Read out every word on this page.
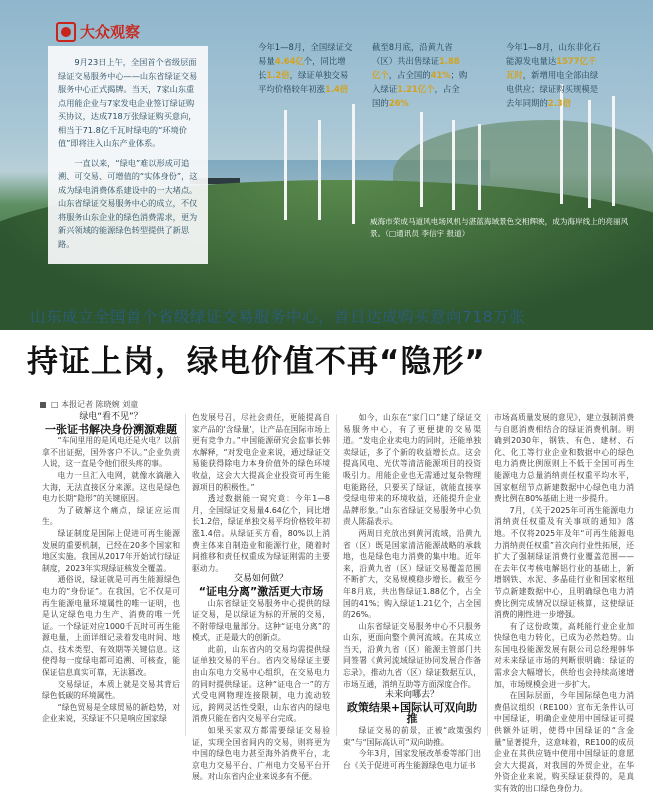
大众观察

9月23日上午，全国首个省级层面绿证交易服务中心——山东省绿证交易服务中心正式揭牌。当天，7家山东重点用能企业与7家发电企业签订绿证购买协议，达成718万张绿证购买意向，相当于71.8亿千瓦时绿电的“环境价值”即将注入山东产业体系。

一直以来，“绿电”难以形成可追溯、可交易、可增值的“实体身份”，这成为绿电消费体系建设中的一大堵点。山东省绿证交易服务中心的成立，不仅将服务山东企业的绿色消费需求，更为新兴领域的能源绿色转型提供了新思路。

今年1—8月，全国绿证交易量4.64亿个，同比增长1.2倍，绿证单独交易平均价格较年初涨1.4倍
截至8月底，沿黄九省（区）共出售绿证1.88亿个，占全国的41%；购入绿证1.21亿个，占全国的26%
今年1—8月，山东非化石能源发电量达1577亿千瓦时，新增用电全部由绿电供应；绿证购买规模是去年同期的2.3倍
威海市荣成马道风电场风机与湛蓝海域景色交相辉映，成为海岸线上的亮丽风景。（□通讯员 李信宇 报道）
山东成立全国首个省级绿证交易服务中心，首日达成购买意向718万张
持证上岗，绿电价值不再“隐形”
□ 本报记者 陈晓婉 刘童

绿电“看不见”？

一张证书解决身份溯源难题

“车间里用的是风电还是火电？以前拿不出证据，国外客户不认。”企业负责人说，这一直是令他们很头疼的事。

电力一旦汇入电网，就像水滴融入大海，无法直接区分来源。这也是绿色电力长期“隐形”的关键原因。

为了破解这个痛点，绿证应运而生。

绿证制度是国际上促进可再生能源发展的重要机制，已经在20多个国家和地区实施。我国从2017年开始试行绿证制度，2023年实现绿证核发全覆盖。

通俗说，绿证就是可再生能源绿色电力的“身份证”。在我国，它不仅是可再生能源电量环境属性的唯一证明，也是认定绿色电力生产、消费的唯一凭证。一个绿证对应1000千瓦时可再生能源电量，上面详细记录着发电时间、地点、技术类型、有效期等关键信息。这使得每一度绿电都可追溯、可核查，能保证信息真实可靠，无法篡改。

交易绿证，本质上就是交易其背后绿色低碳的环境属性。

“绿色贸易是全球贸易的新趋势，对企业来说，买绿证不只是响应国家绿

色发展号召，尽社会责任，更能提高自家产品的‘含绿量’，让产品在国际市场上更有竞争力。”中国能源研究会监事长韩水解释，“对发电企业来说，通过绿证交易能获得除电力本身价值外的绿色环境收益，这会大大提高企业投资可再生能源项目的积极性。”

透过数据能一窥究竟：今年1—8月，全国绿证交易量4.64亿个，同比增长1.2倍，绿证单独交易平均价格较年初涨1.4倍。从绿证买方看，80%以上消费主体来自制造业和能源行业，随着时间推移和责任权重成为绿证刚需的主要驱动力。

交易如何做？

“证电分离”激活更大市场

山东省绿证交易服务中心提供的绿证交易，是以绿证为标的开展的交易，不附带绿电量部分。这种“证电分离”的模式，正是最大的创新点。

此前，山东省内的交易均需提供绿证单独交易的平台。省内交易绿证主要由山东电力交易中心组织，在交易电力的同时提供绿证。这种“证电合一”的方式受电网物理连接限制，电力流动较远，跨网灵活性受限，山东省内的绿电消费只能在省内交易平台完成。

如果买家双方都需要绿证交易验证，实现全国省间内的交易，则将更为中国的绿色电力甚至海外消费平台，北京电力交易平台、广州电力交易平台开展。对山东省内企业来说多有不便。

如今，山东在“家门口”建了绿证交易服务中心，有了更便捷的交易渠道。“发电企业卖电力的同时，还能单独卖绿证，多了个新的收益增长点。这会提高风电、光伏等清洁能源项目的投资吸引力。用能企业也无需通过复杂物理电能路径，只要买了绿证，就能直接享受绿电带来的环境收益，还能提升企业品牌形象。”山东省绿证交易服务中心负责人陈磊表示。

两周日充放出到黄河流域，沿黄九省（区）既是国家清洁能源战略的承载地，也是绿色电力消费的集中地。近年来，沿黄九省（区）绿证交易覆盖范围不断扩大，交易规模稳步增长。截至今年8月底，共出售绿证1.88亿个，占全国的41%；购入绿证1.21亿个，占全国的26%。

山东省绿证交易服务中心不只服务山东，更面向整个黄河流域。在其成立当天，沿黄九省（区）能源主管部门共同签署《黄河流域绿证协同发展合作备忘录》，推动九省（区）绿证数据互认，市场互通，消纳互助等方面深度合作。

未来向哪去？

政策结果+国际认可双向助推

绿证交易的前景，正被“政策强约束”与“国际高认可”双向助推。

今年3月，国家发展改革委等部门出台《关于促进可再生能源绿色电力证书

市场高质量发展的意见》，建立强制消费与自愿消费相结合的绿证消费机制。明确到2030年，钢铁、有色、建材、石化、化工等行业企业和数据中心的绿色电力消费比例原则上不低于全国可再生能源电力总量消纳责任权重平均水平，国家枢纽节点新建数据中心绿色电力消费比例在80%基础上进一步提升。

7月，《关于2025年可再生能源电力消纳责任权重及有关事项的通知》落地。不仅将2025年及年“可再生能源电力消纳责任权重”首次向行业性拓展，还扩大了强制绿证消费行业覆盖范围——在去年仅考核电解铝行业的基础上，新增钢铁、水泥、多晶硅行业和国家枢纽节点新建数据中心，且明确绿色电力消费比例完成情况以绿证核算，这使绿证消费的刚性进一步增强。

有了这份政策，高耗能行业企业加快绿色电力转化，已成为必然趋势。山东国电投能源发展有限公司总经理韩华对未来绿证市场的判断很明确：绿证的需求会大幅增长，供给也会持续高速增加，市场规模会进一步扩大。

在国际层面，今年国际绿色电力消费倡议组织（RE100）宣布无条件认可中国绿证，明确企业使用中国绿证可提供额外证明，使得中国绿证的“含金量”显著提升，这意味着，RE100的成员企业在其供应链中使用中国绿证的意愿会大大提高，对我国的外贸企业，在华外资企业来说，购买绿证获得的，是真实有效的出口绿色身份力。
